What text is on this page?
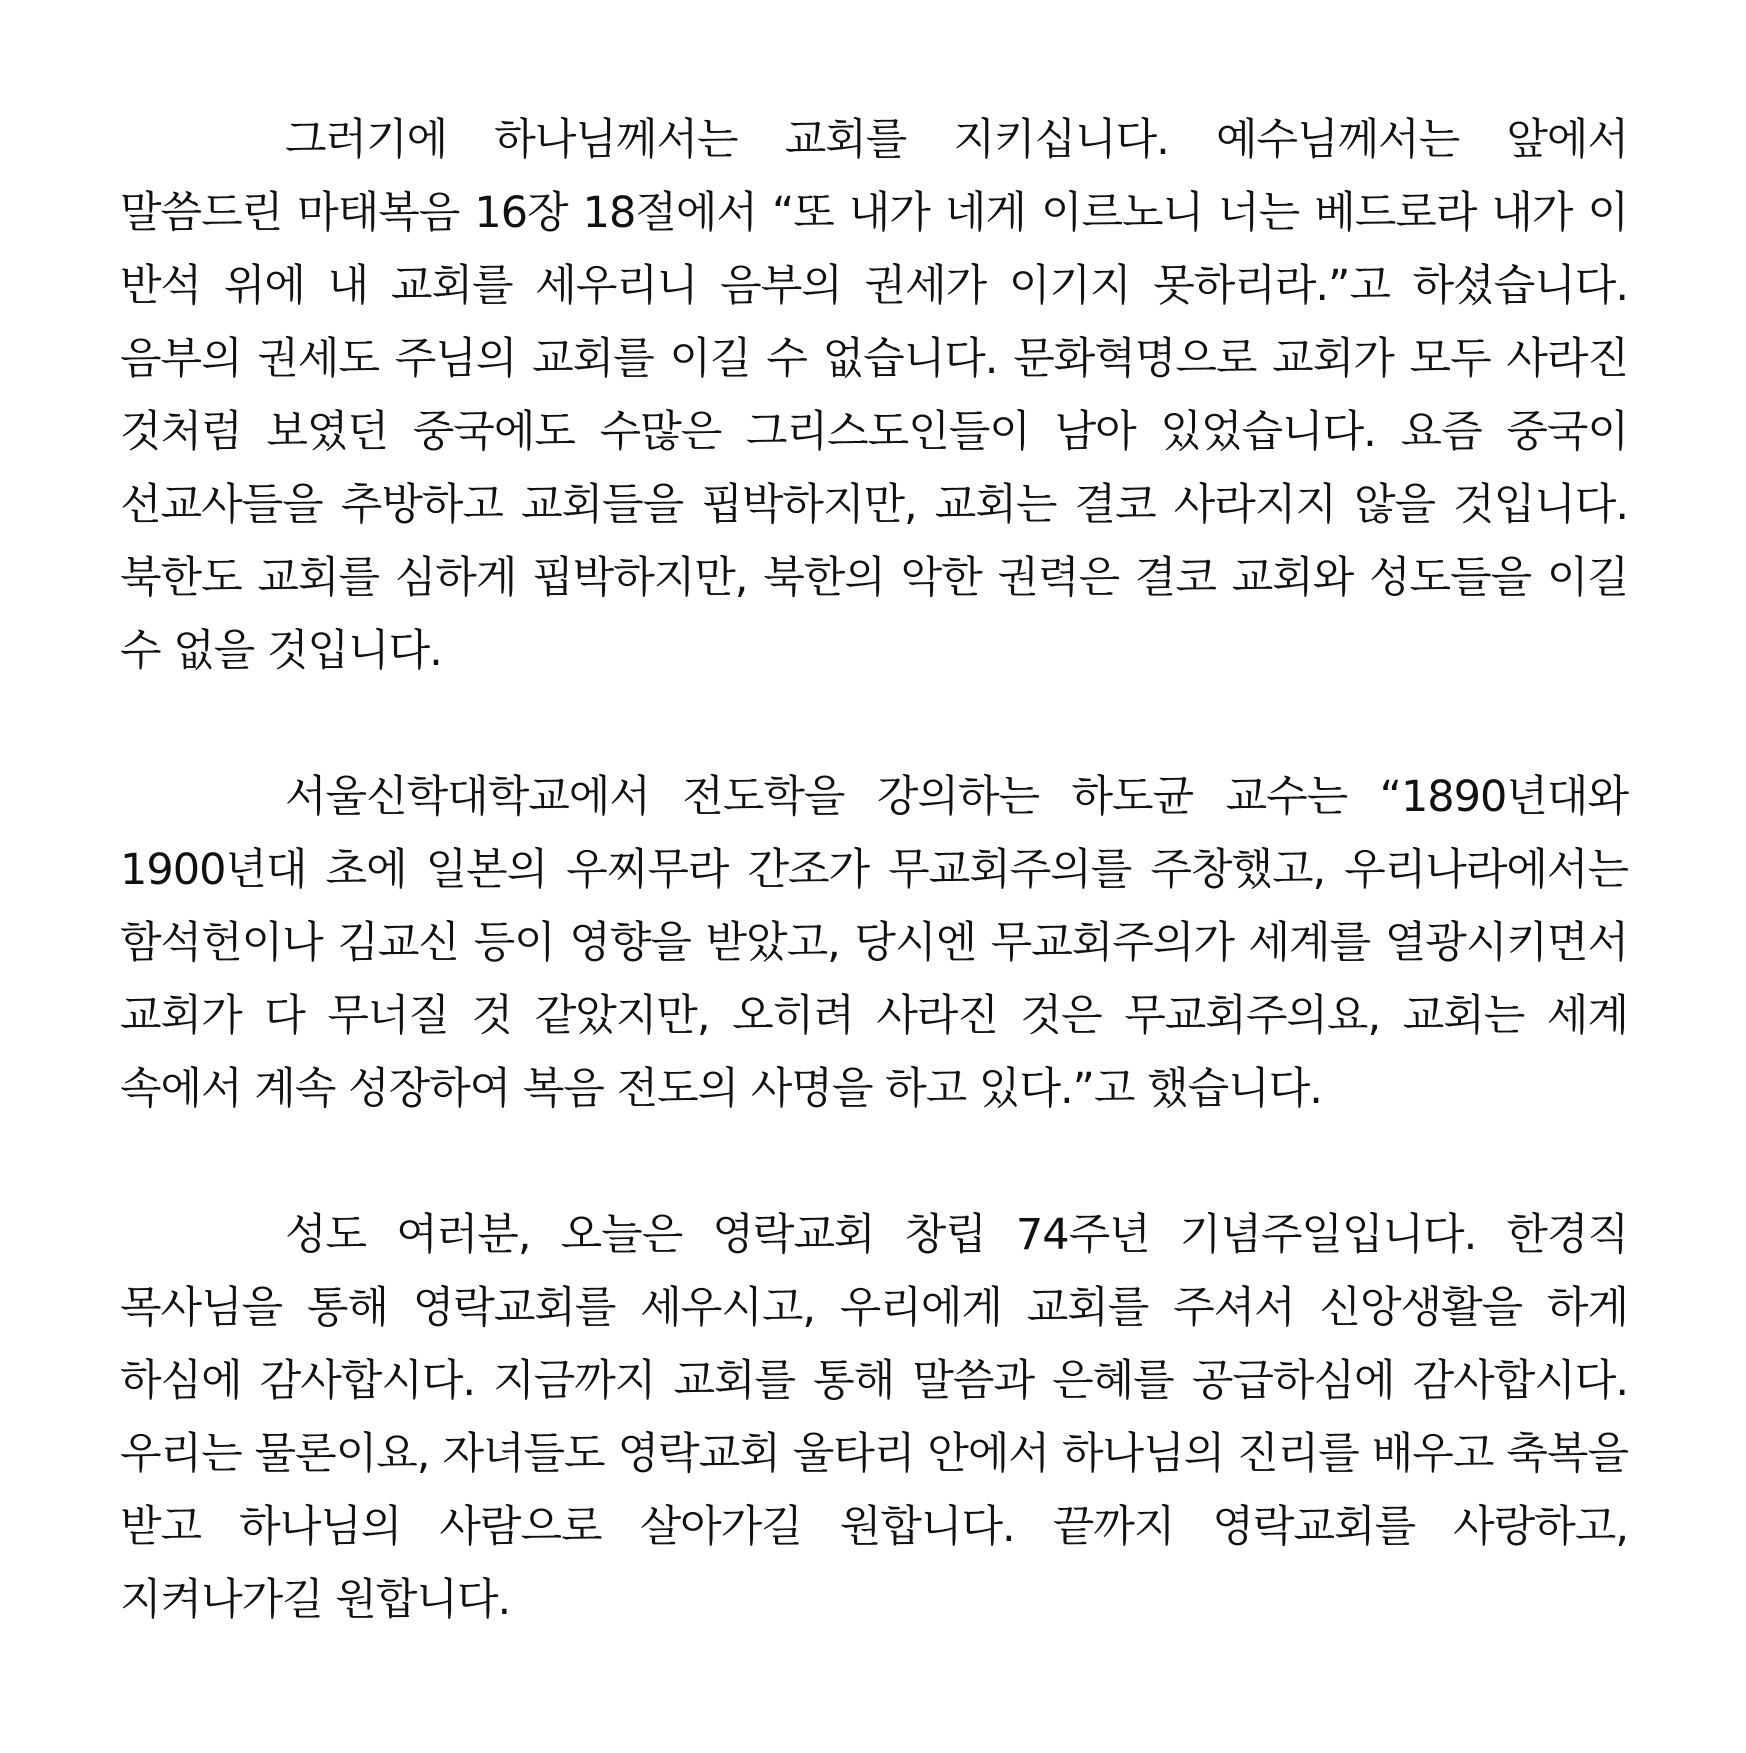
그러기에 하나님께서는 교회를 지키십니다. 예수님께서는 앞에서 말씀드린 마태복음 16장 18절에서 “또 내가 네게 이르노니 너는 베드로라 내가 이 반석 위에 내 교회를 세우리니 음부의 권세가 이기지 못하리라.”고 하셨습니다. 음부의 권세도 주님의 교회를 이길 수 없습니다. 문화혁명으로 교회가 모두 사라진 것처럼 보였던 중국에도 수많은 그리스도인들이 남아 있었습니다. 요즘 중국이 선교사들을 추방하고 교회들을 핍박하지만, 교회는 결코 사라지지 않을 것입니다. 북한도 교회를 심하게 핍박하지만, 북한의 악한 권력은 결코 교회와 성도들을 이길 수 없을 것입니다.

서울신학대학교에서 전도학을 강의하는 하도균 교수는 “1890년대와 1900년대 초에 일본의 우찌무라 간조가 무교회주의를 주창했고, 우리나라에서는 함석헌이나 김교신 등이 영향을 받았고, 당시엔 무교회주의가 세계를 열광시키면서 교회가 다 무너질 것 같았지만, 오히려 사라진 것은 무교회주의요, 교회는 세계 속에서 계속 성장하여 복음 전도의 사명을 하고 있다.”고 했습니다.

성도 여러분, 오늘은 영락교회 창립 74주년 기념주일입니다. 한경직 목사님을 통해 영락교회를 세우시고, 우리에게 교회를 주셔서 신앙생활을 하게 하심에 감사합시다. 지금까지 교회를 통해 말씀과 은혜를 공급하심에 감사합시다. 우리는 물론이요, 자녀들도 영락교회 울타리 안에서 하나님의 진리를 배우고 축복을 받고 하나님의 사람으로 살아가길 원합니다. 끝까지 영락교회를 사랑하고, 지켜나가길 원합니다.
